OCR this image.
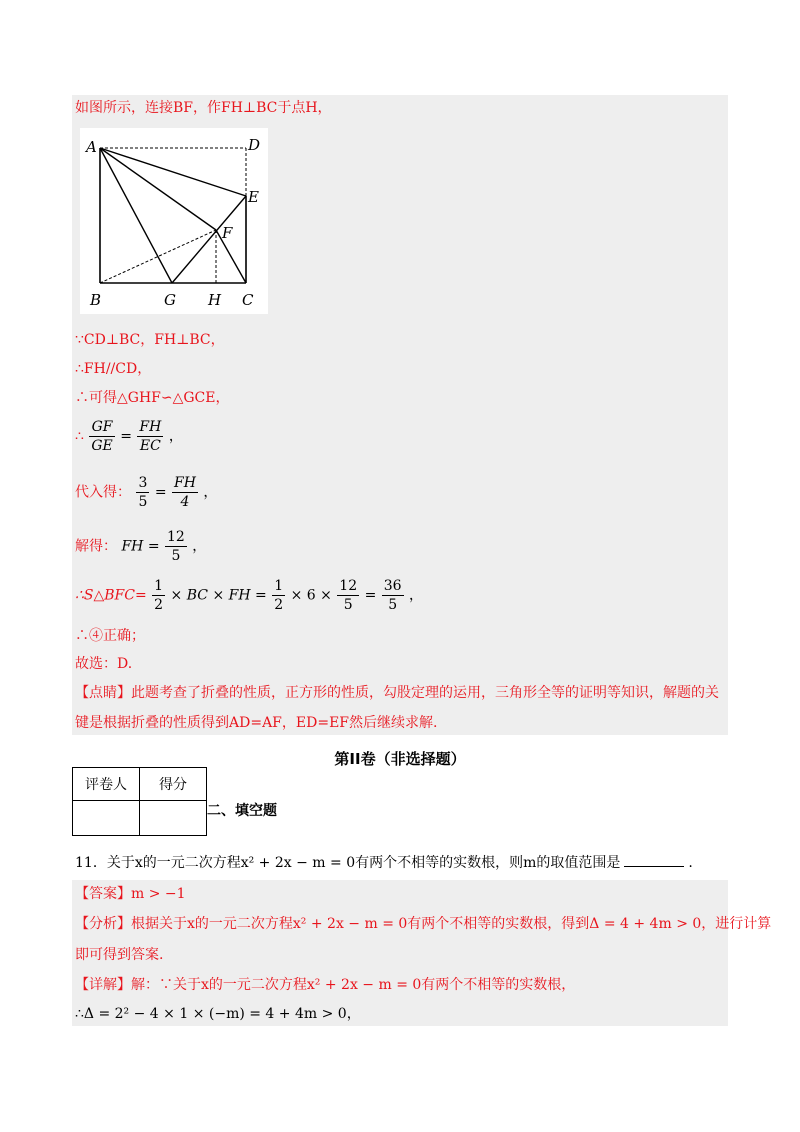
如图所示，连接BF，作FH⊥BC于点H，
A	D
E
F
B	G H C
∵CD⊥BC，FH⊥BC，
∴FH//CD，
∴可得△GHF∽△GCE，
∴ $\frac{GF}{GE} = \frac{FH}{EC}$ ，
代入得： $\frac{3}{5} = \frac{FH}{4}$ ，
解得： FH = $\frac{12}{5}$ ，
∴S△BFC= $\frac{1}{2}$ × BC × FH = $\frac{1}{2} \times 6 \times \frac{12}{5} = \frac{36}{5}$ ，
∴④正确；
故选：D.
【点睛】此题考查了折叠的性质，正方形的性质，勾股定理的运用，三角形全等的证明等知识，解题的关
键是根据折叠的性质得到AD=AF，ED=EF然后继续求解.
第II卷（非选择题）
评卷人	得分

二、填空题
11．关于x的一元二次方程x² + 2x − m = 0有两个不相等的实数根，则m的取值范围是	.
【答案】m > −1
【分析】根据关于x的一元二次方程x² + 2x − m = 0有两个不相等的实数根，得到Δ = 4 + 4m > 0，进行计算
即可得到答案.
【详解】解：∵关于x的一元二次方程x² + 2x − m = 0有两个不相等的实数根，
∴Δ = 2² − 4 × 1 × (−m) = 4 + 4m > 0，
